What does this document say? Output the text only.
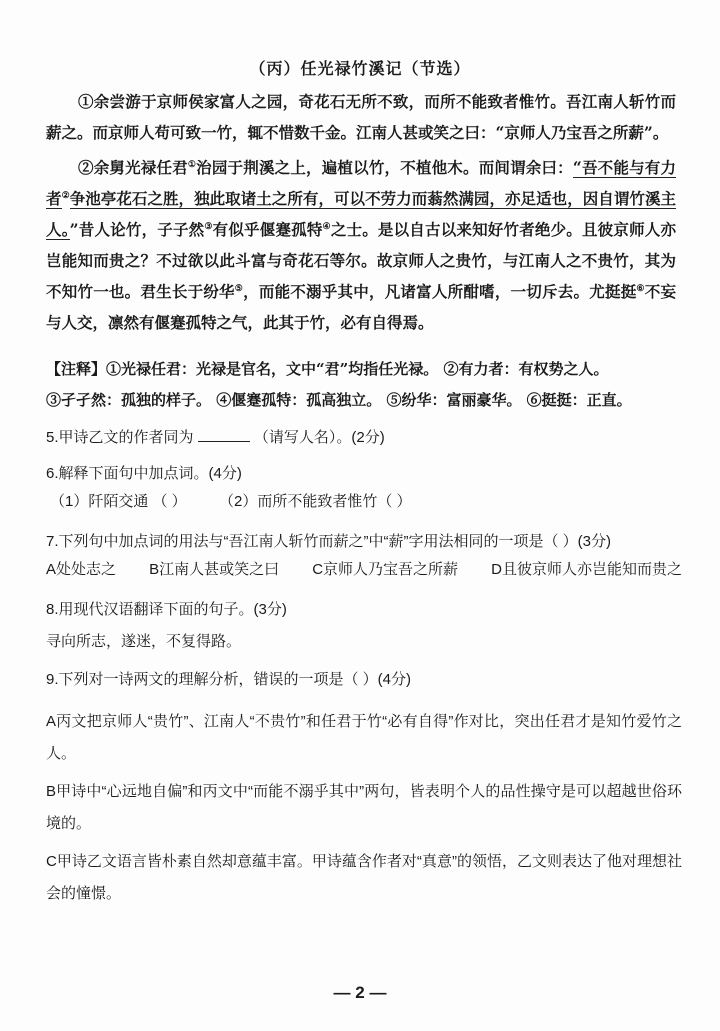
（丙）任光禄竹溪记（节选）
①余尝游于京师侯家富人之园，奇花石无所不致，而所不能致者惟竹。吾江南人斩竹而薪之。而京师人苟可致一竹，辄不惜数千金。江南人甚或笑之曰：“京师人乃宝吾之所薪”。
②余舅光禄任君①治园于荆溪之上，遍植以竹，不植他木。而间谓余曰：“吾不能与有力者②争池亭花石之胜，独此取诸土之所有，可以不劳力而蓊然满园，亦足适也，因自谓竹溪主人。”昔人论竹，子子然③有似乎偃蹇孤特④之士。是以自古以来知好竹者绝少。且彼京师人亦岂能知而贵之？不过欲以此斗富与奇花石等尔。故京师人之贵竹，与江南人之不贵竹，其为不知竹一也。君生长于纷华⑤，而能不溺乎其中，凡诸富人所酣嗜，一切斥去。尤挺挺⑥不妄与人交，凛然有偃蹇孤特之气，此其于竹，必有自得焉。
【注释】①光禄任君：光禄是官名，文中“君”均指任光禄。 ②有力者：有权势之人。
③孑孑然：孤独的样子。 ④偃蹇孤特：孤高独立。 ⑤纷华：富丽豪华。 ⑥挺挺：正直。
5.甲诗乙文的作者同为	（请写人名）。(2分)
6.解释下面句中加点词。(4分)
（1）阡陌交通 （ ） （2）而所不能致者惟竹（ ）
7.下列句中加点词的用法与“吾江南人斩竹而薪之”中“薪”字用法相同的一项是（ ）(3分)
A处处志之 B江南人甚或笑之曰 C京师人乃宝吾之所薪 D且彼京师人亦岂能知而贵之
8.用现代汉语翻译下面的句子。(3分)
寻向所志，遂迷，不复得路。
9.下列对一诗两文的理解分析，错误的一项是（ ）(4分)
A丙文把京师人“贵竹”、江南人“不贵竹”和任君于竹“必有自得”作对比，突出任君才是知竹爱竹之人。
B甲诗中“心远地自偏”和丙文中“而能不溺乎其中”两句，皆表明个人的品性操守是可以超越世俗环境的。
C甲诗乙文语言皆朴素自然却意蕴丰富。甲诗蕴含作者对“真意”的领悟，乙文则表达了他对理想社会的憧憬。
— 2 —
